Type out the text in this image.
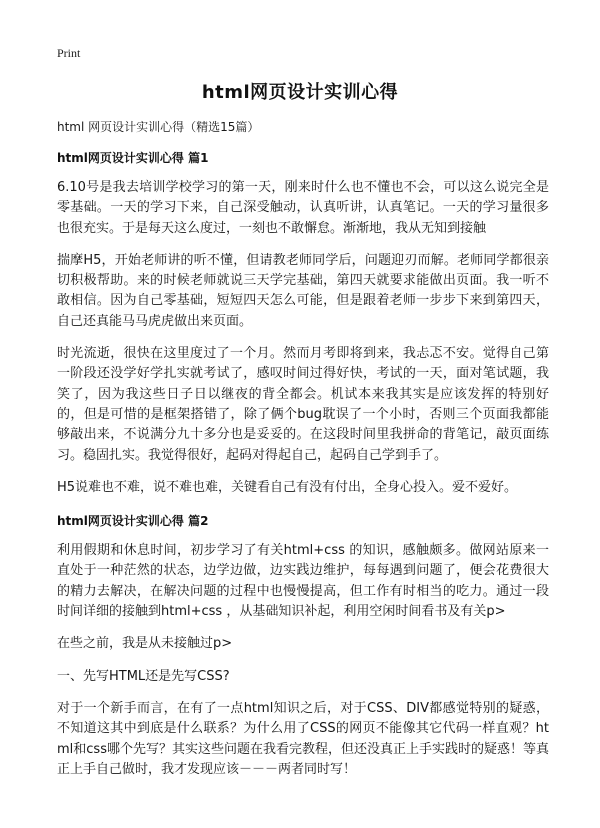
Print
html网页设计实训心得

html 网页设计实训心得（精选15篇）

html网页设计实训心得 篇1

6.10号是我去培训学校学习的第一天，刚来时什么也不懂也不会，可以这么说完全是零基础。一天的学习下来，自己深受触动，认真听讲，认真笔记。一天的学习量很多也很充实。于是每天这么度过，一刻也不敢懈怠。渐渐地，我从无知到接触

揣摩H5，开始老师讲的听不懂，但请教老师同学后，问题迎刃而解。老师同学都很亲切积极帮助。来的时候老师就说三天学完基础，第四天就要求能做出页面。我一听不敢相信。因为自己零基础，短短四天怎么可能，但是跟着老师一步步下来到第四天，自己还真能马马虎虎做出来页面。

时光流逝，很快在这里度过了一个月。然而月考即将到来，我忐忑不安。觉得自己第一阶段还没学好学扎实就考试了，感叹时间过得好快，考试的一天，面对笔试题，我笑了，因为我这些日子日以继夜的背全都会。机试本来我其实是应该发挥的特别好的，但是可惜的是框架搭错了，除了俩个bug耽误了一个小时，否则三个页面我都能够敲出来，不说满分九十多分也是妥妥的。在这段时间里我拼命的背笔记，敲页面练习。稳固扎实。我觉得很好，起码对得起自己，起码自己学到手了。

H5说难也不难，说不难也难，关键看自己有没有付出，全身心投入。爱不爱好。

html网页设计实训心得 篇2

利用假期和休息时间，初步学习了有关html+css 的知识，感触颇多。做网站原来一直处于一种茫然的状态，边学边做，边实践边维护，每每遇到问题了，便会花费很大的精力去解决，在解决问题的过程中也慢慢提高，但工作有时相当的吃力。通过一段时间详细的接触到html+css ，从基础知识补起，利用空闲时间看书及有关p>

在些之前，我是从未接触过p>

一、先写HTML还是先写CSS?

对于一个新手而言，在有了一点html知识之后，对于CSS、DIV都感觉特别的疑惑，不知道这其中到底是什么联系？为什么用了CSS的网页不能像其它代码一样直观？html和css哪个先写？其实这些问题在我看完教程，但还没真正上手实践时的疑惑！等真正上手自己做时，我才发现应该－－－两者同时写！
